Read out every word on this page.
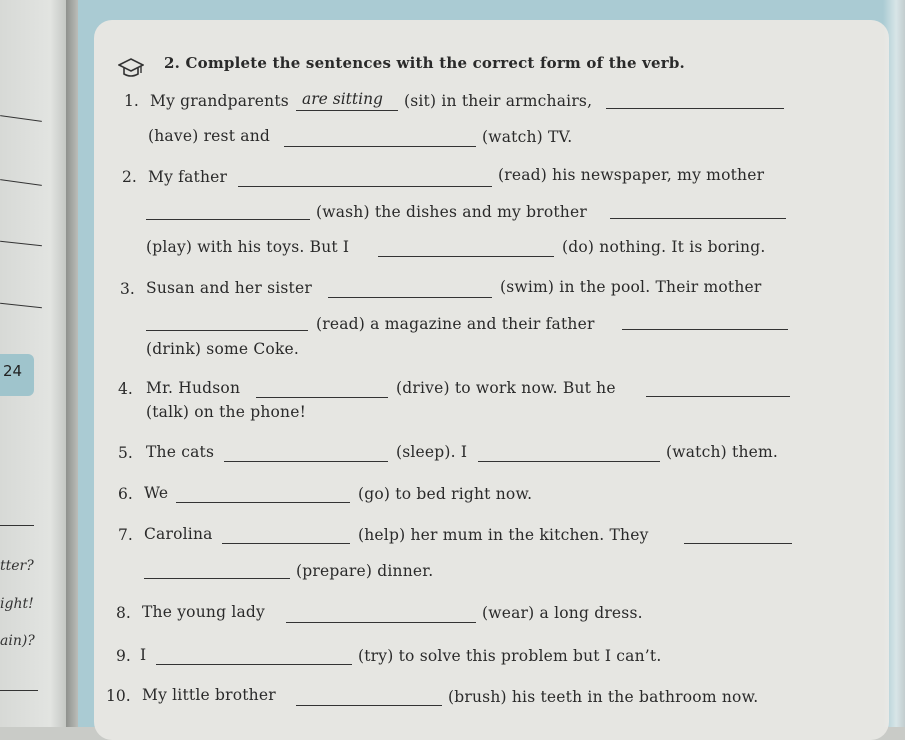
tter?
ight!
ain)?
24
2. Complete the sentences with the correct form of the verb.
1. My grandparents are sitting (sit) in their armchairs,
(have) rest and	(watch) TV.
2. My father	(read) his newspaper, my mother
(wash) the dishes and my brother
(play) with his toys. But I	(do) nothing. It is boring.
3. Susan and her sister	(swim) in the pool. Their mother
(read) a magazine and their father
(drink) some Coke.
4. Mr. Hudson	(drive) to work now. But he
(talk) on the phone!
5. The cats	(sleep). I	(watch) them.
6. We	(go) to bed right now.
7. Carolina	(help) her mum in the kitchen. They
(prepare) dinner.
8. The young lady	(wear) a long dress.
9. I	(try) to solve this problem but I can’t.
10. My little brother	(brush) his teeth in the bathroom now.
